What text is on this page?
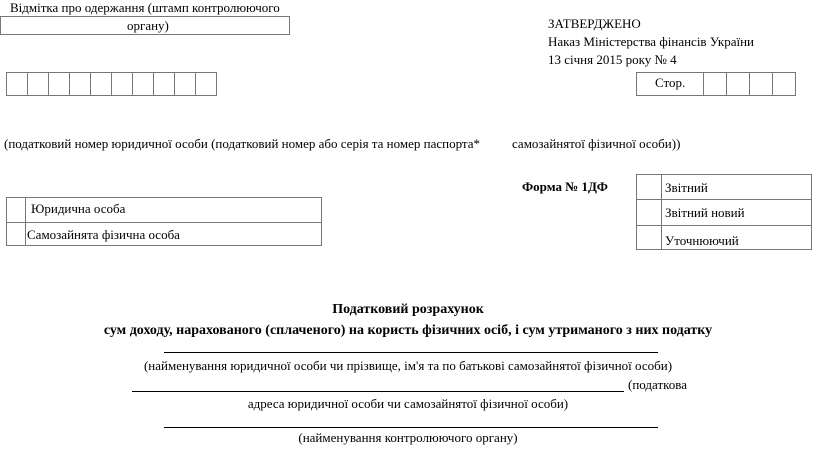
Відмітка про одержання (штамп контролюючого
органу)	ЗАТВЕРДЖЕНО
Наказ Міністерства фінансів України
13 січня 2015 року № 4
Стор.
(податковий номер юридичної особи (податковий номер або серія та номер паспорта* самозайнятої фізичної особи))
Форма № 1ДФ
Юридична особа
Самозайнята фізична особа
Звітний
Звітний новий
Уточнюючий
Податковий розрахунок
сум доходу, нарахованого (сплаченого) на користь фізичних осіб, і сум утриманого з них податку
(найменування юридичної особи чи прізвище, ім'я та по батькові самозайнятої фізичної особи)
(податкова
адреса юридичної особи чи самозайнятої фізичної особи)
(найменування контролюючого органу)
